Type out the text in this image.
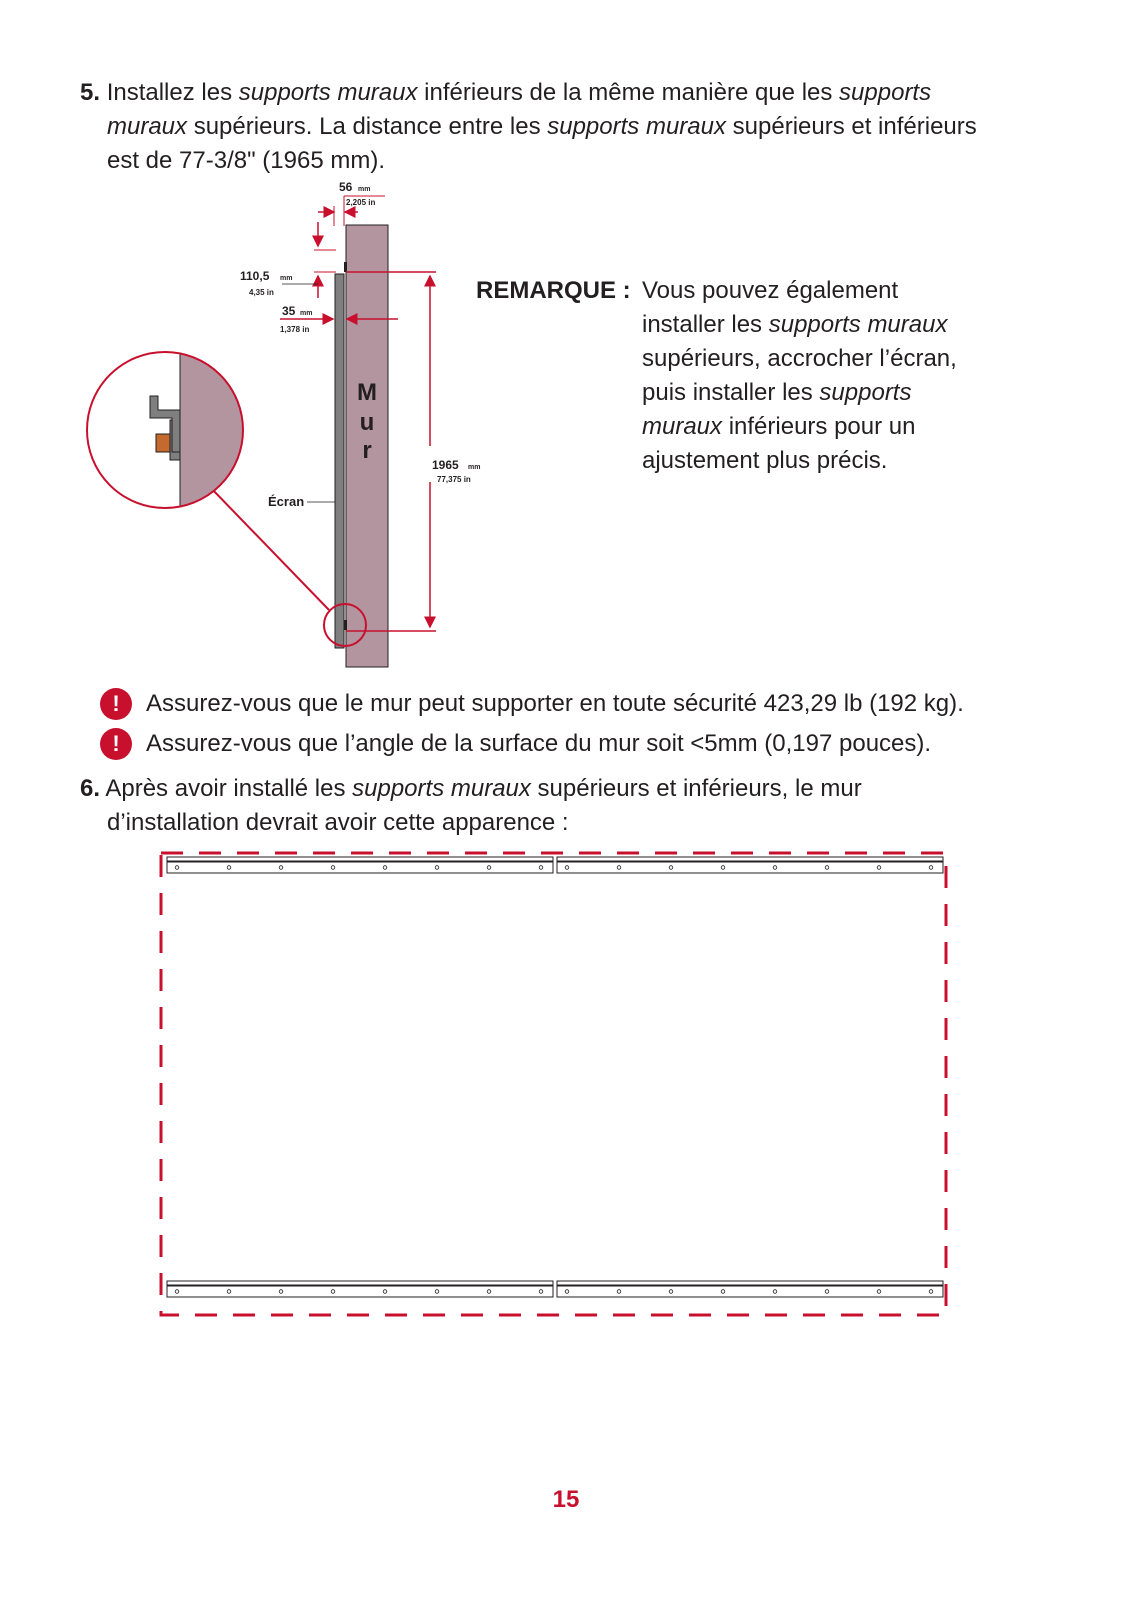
5. Installez les supports muraux inférieurs de la même manière que les supports
muraux supérieurs. La distance entre les supports muraux supérieurs et inférieurs
est de 77-3/8" (1965 mm).
M
u
r
56 mm
2,205 in
110,5 mm
4,35 in
35 mm
1,378 in
1965 mm
77,375 in
Écran
REMARQUE : Vous pouvez également
installer les supports muraux
supérieurs, accrocher l’écran,
puis installer les supports
muraux inférieurs pour un
ajustement plus précis.
!	Assurez-vous que le mur peut supporter en toute sécurité 423,29 lb (192 kg).
!	Assurez-vous que l’angle de la surface du mur soit <5mm (0,197 pouces).
6. Après avoir installé les supports muraux supérieurs et inférieurs, le mur
d’installation devrait avoir cette apparence :
15
